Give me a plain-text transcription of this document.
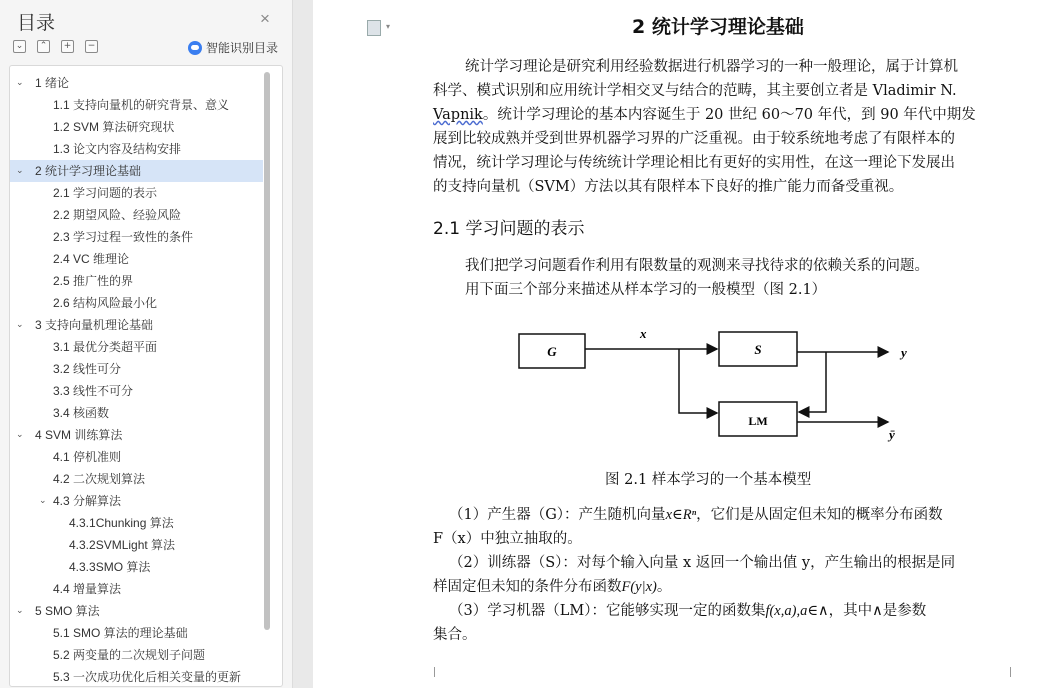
目录	×
⌄	⌃	+	−	智能识别目录
⌄ 1 绪论
1.1 支持向量机的研究背景、意义
1.2 SVM 算法研究现状
1.3 论文内容及结构安排
⌄ 2 统计学习理论基础
2.1 学习问题的表示
2.2 期望风险、经验风险
2.3 学习过程一致性的条件
2.4 VC 维理论
2.5 推广性的界
2.6 结构风险最小化
⌄ 3 支持向量机理论基础
3.1 最优分类超平面
3.2 线性可分
3.3 线性不可分
3.4 核函数
⌄ 4 SVM 训练算法
4.1 停机准则
4.2 二次规划算法
⌄ 4.3 分解算法
4.3.1Chunking 算法
4.3.2SVMLight 算法
4.3.3SMO 算法
4.4 增量算法
⌄ 5 SMO 算法
5.1 SMO 算法的理论基础
5.2 两变量的二次规划子问题
5.3 一次成功优化后相关变量的更新
▾	2 统计学习理论基础
统计学习理论是研究利用经验数据进行机器学习的一种一般理论，属于计算机
科学、模式识别和应用统计学相交叉与结合的范畴，其主要创立者是 Vladimir N.
Vapnik。统计学习理论的基本内容诞生于 20 世纪 60～70 年代，到 90 年代中期发
展到比较成熟并受到世界机器学习界的广泛重视。由于较系统地考虑了有限样本的
情况，统计学习理论与传统统计学理论相比有更好的实用性，在这一理论下发展出
的支持向量机（SVM）方法以其有限样本下良好的推广能力而备受重视。
2.1 学习问题的表示
我们把学习问题看作利用有限数量的观测来寻找待求的依赖关系的问题。
用下面三个部分来描述从样本学习的一般模型（图 2.1）
G	S
LM
x
y
ȳ
图 2.1 样本学习的一个基本模型
（1）产生器（G）：产生随机向量x∈Rⁿ，它们是从固定但未知的概率分布函数
F（x）中独立抽取的。
（2）训练器（S）：对每个输入向量 x 返回一个输出值 y，产生输出的根据是同
样固定但未知的条件分布函数F(y|x)。
（3）学习机器（LM）：它能够实现一定的函数集f(x,a),a∈∧，其中∧是参数
集合。
